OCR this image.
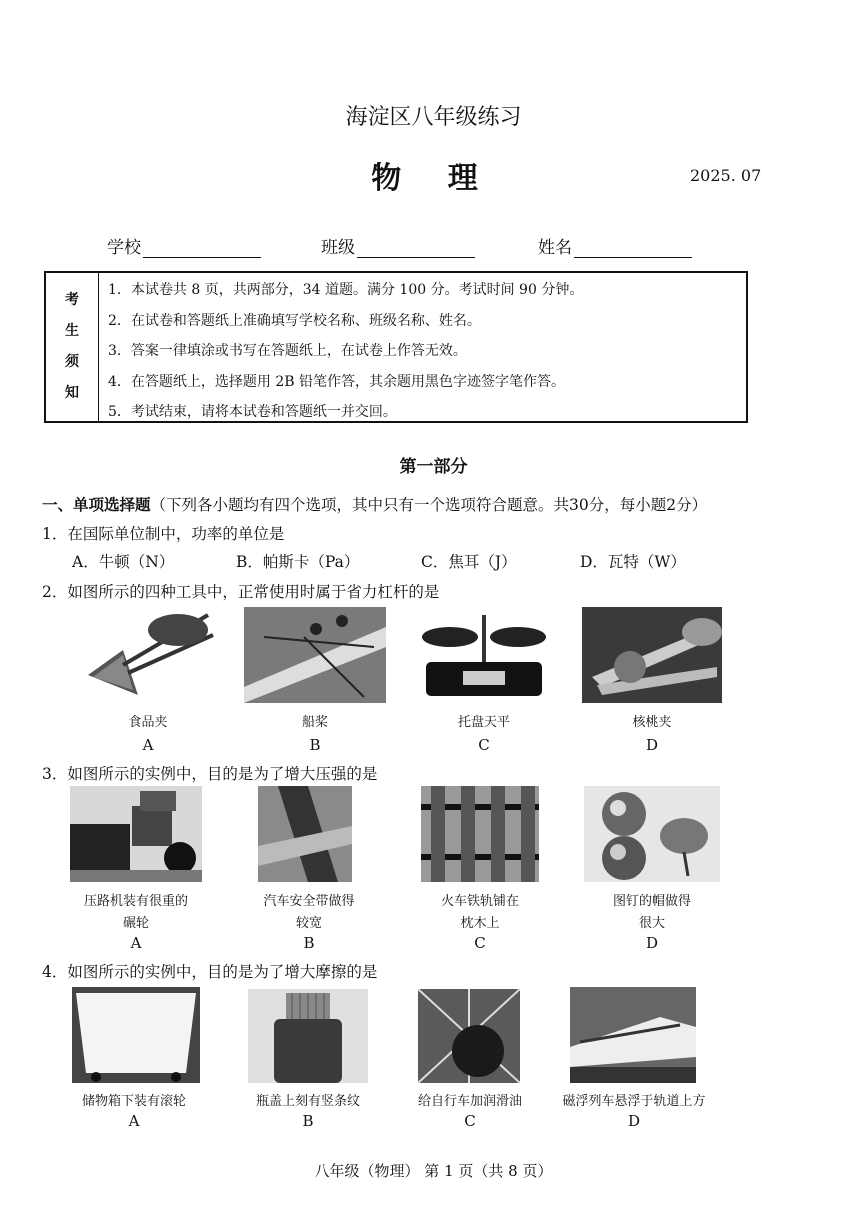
海淀区八年级练习
物 理	2025. 07
学校	班级	姓名
考
生
须
知
1．本试卷共 8 页，共两部分，34 道题。满分 100 分。考试时间 90 分钟。
2．在试卷和答题纸上准确填写学校名称、班级名称、姓名。
3．答案一律填涂或书写在答题纸上，在试卷上作答无效。
4．在答题纸上，选择题用 2B 铅笔作答，其余题用黑色字迹签字笔作答。
5．考试结束，请将本试卷和答题纸一并交回。
第一部分
一、单项选择题（下列各小题均有四个选项，其中只有一个选项符合题意。共30分，每小题2分）
1．在国际单位制中，功率的单位是
A．牛顿（N）	B．帕斯卡（Pa）	C．焦耳（J）	D．瓦特（W）
2．如图所示的四种工具中，正常使用时属于省力杠杆的是
食品夹	船桨	托盘天平	核桃夹
A	B	C	D
3．如图所示的实例中，目的是为了增大压强的是
压路机装有很重的
碾轮
汽车安全带做得
较宽
火车铁轨铺在
枕木上
图钉的帽做得
很大
A	B	C	D
4．如图所示的实例中，目的是为了增大摩擦的是
储物箱下装有滚轮	瓶盖上刻有竖条纹	给自行车加润滑油	磁浮列车悬浮于轨道上方
A	B	C	D
八年级（物理） 第 1 页（共 8 页）
